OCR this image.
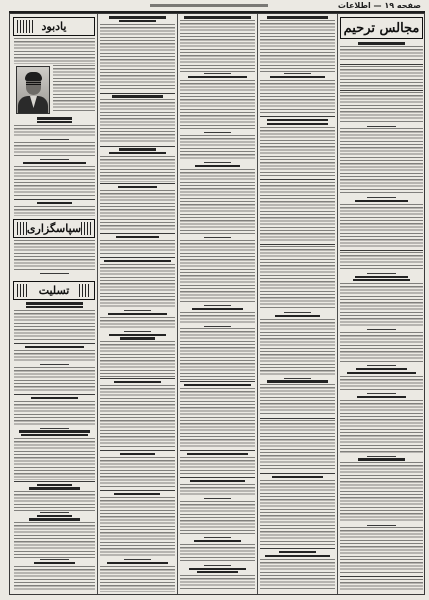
صفحه ۱۹ — اطلاعات
مجالس ترحیم
یادبود
سپاسگزاری
تسلیت
